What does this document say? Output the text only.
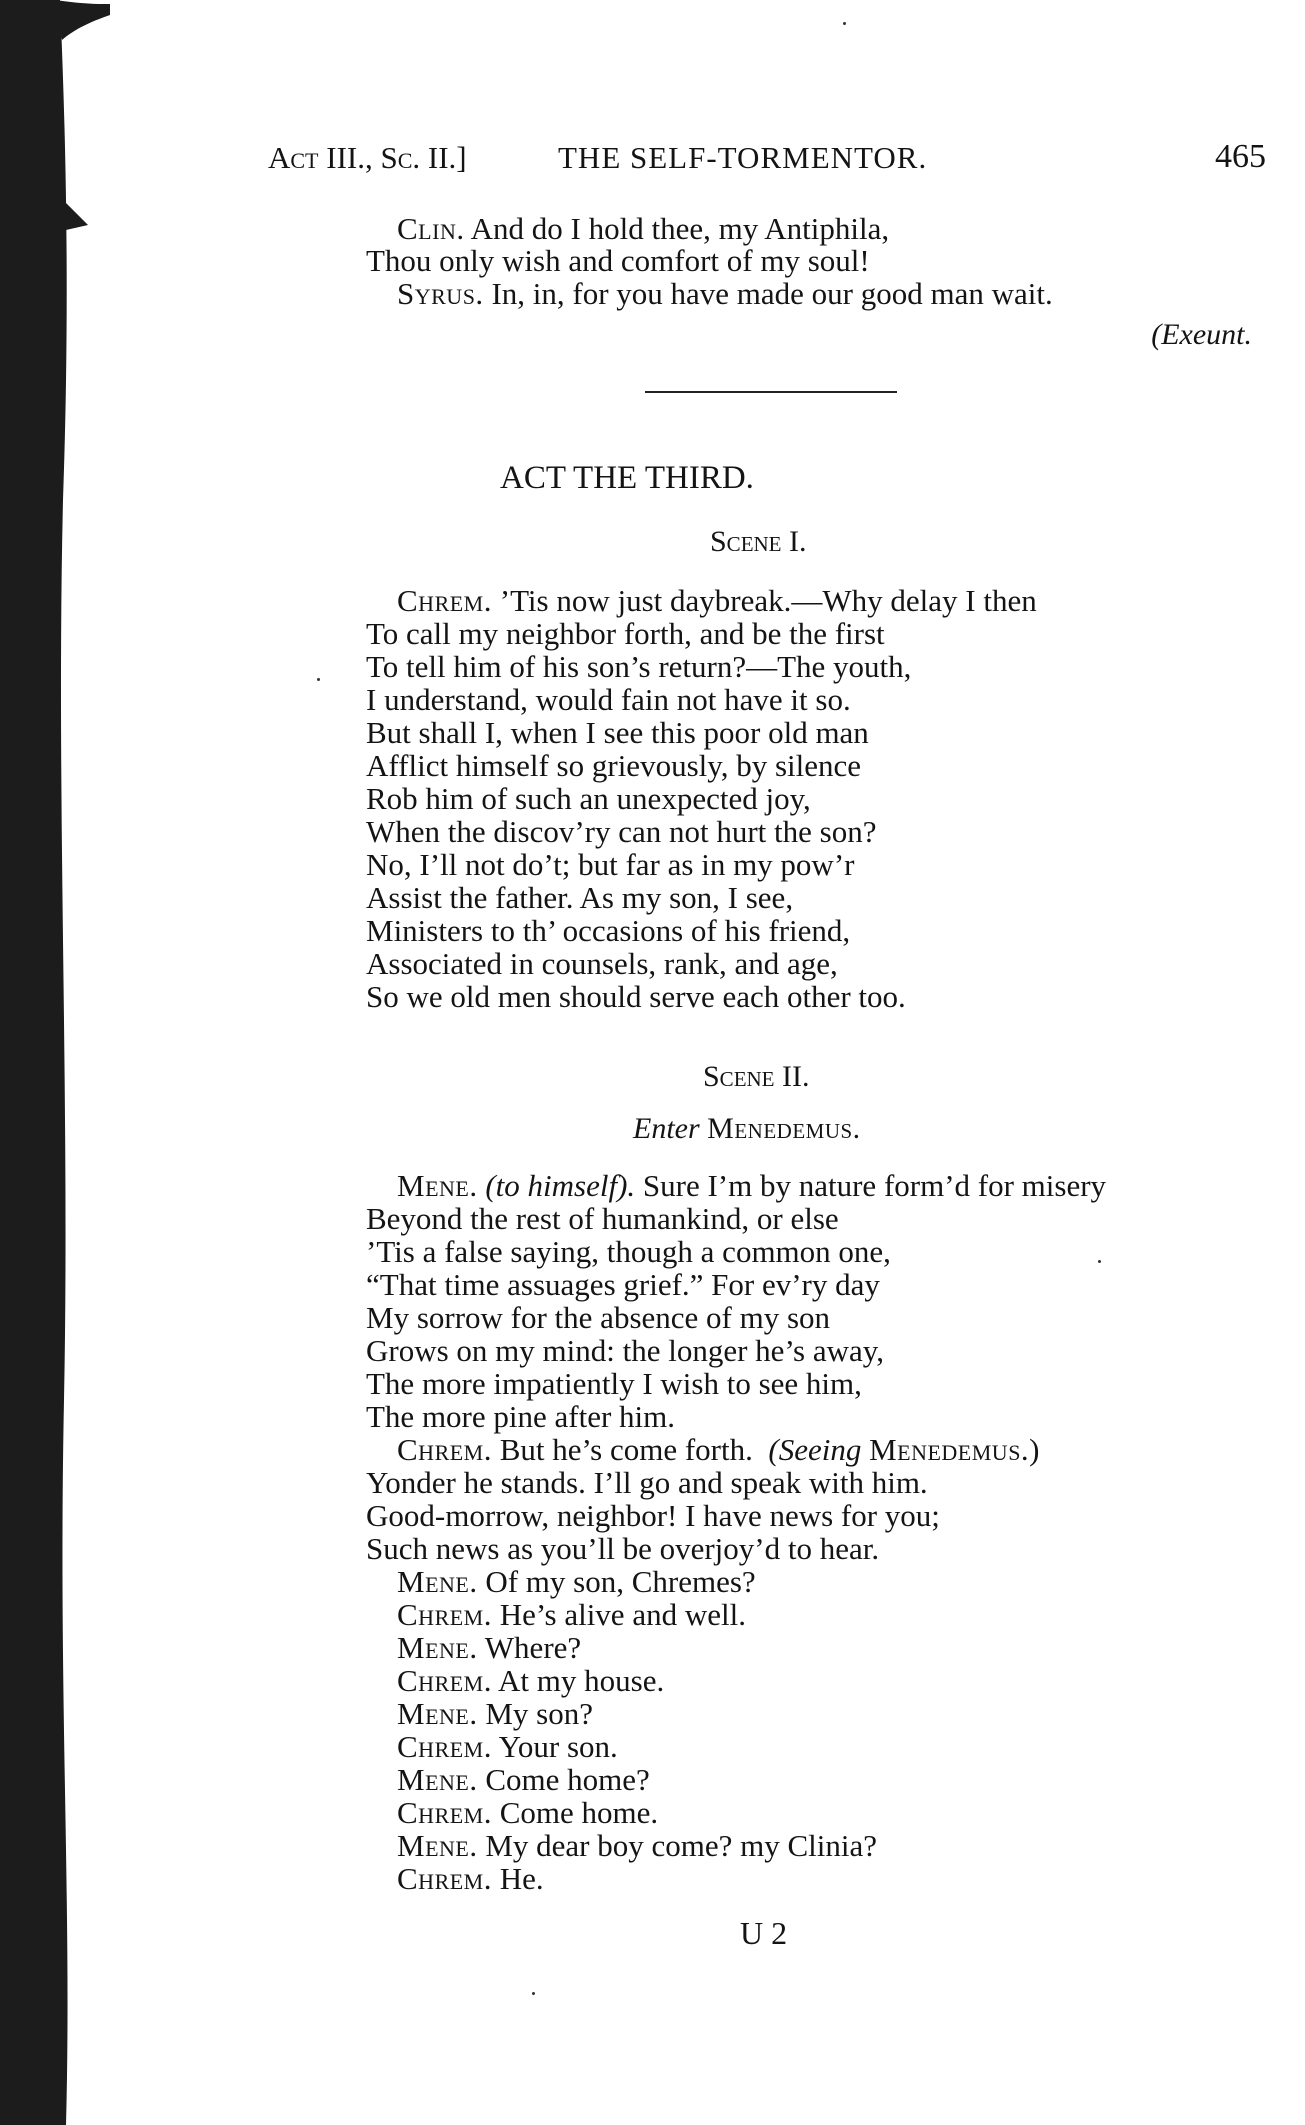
Act III., Sc. II.]	THE SELF-TORMENTOR.	465

Clin. And do I hold thee, my Antiphila,

Thou only wish and comfort of my soul!

Syrus. In, in, for you have made our good man wait.

(Exeunt.
ACT THE THIRD.
Scene I.

Chrem. ’Tis now just daybreak.—Why delay I then

To call my neighbor forth, and be the first

To tell him of his son’s return?—The youth,

I understand, would fain not have it so.

But shall I, when I see this poor old man

Afflict himself so grievously, by silence

Rob him of such an unexpected joy,

When the discov’ry can not hurt the son?

No, I’ll not do’t; but far as in my pow’r

Assist the father. As my son, I see,

Ministers to th’ occasions of his friend,

Associated in counsels, rank, and age,

So we old men should serve each other too.

Scene II.
Enter Menedemus.

Mene. (to himself). Sure I’m by nature form’d for misery

Beyond the rest of humankind, or else

’Tis a false saying, though a common one,

“That time assuages grief.” For ev’ry day

My sorrow for the absence of my son

Grows on my mind: the longer he’s away,

The more impatiently I wish to see him,

The more pine after him.

Chrem. But he’s come forth. (Seeing Menedemus.)

Yonder he stands. I’ll go and speak with him.

Good-morrow, neighbor! I have news for you;

Such news as you’ll be overjoy’d to hear.

Mene. Of my son, Chremes?

Chrem. He’s alive and well.

Mene. Where?

Chrem. At my house.

Mene. My son?

Chrem. Your son.

Mene. Come home?

Chrem. Come home.

Mene. My dear boy come? my Clinia?

Chrem. He.

U 2
